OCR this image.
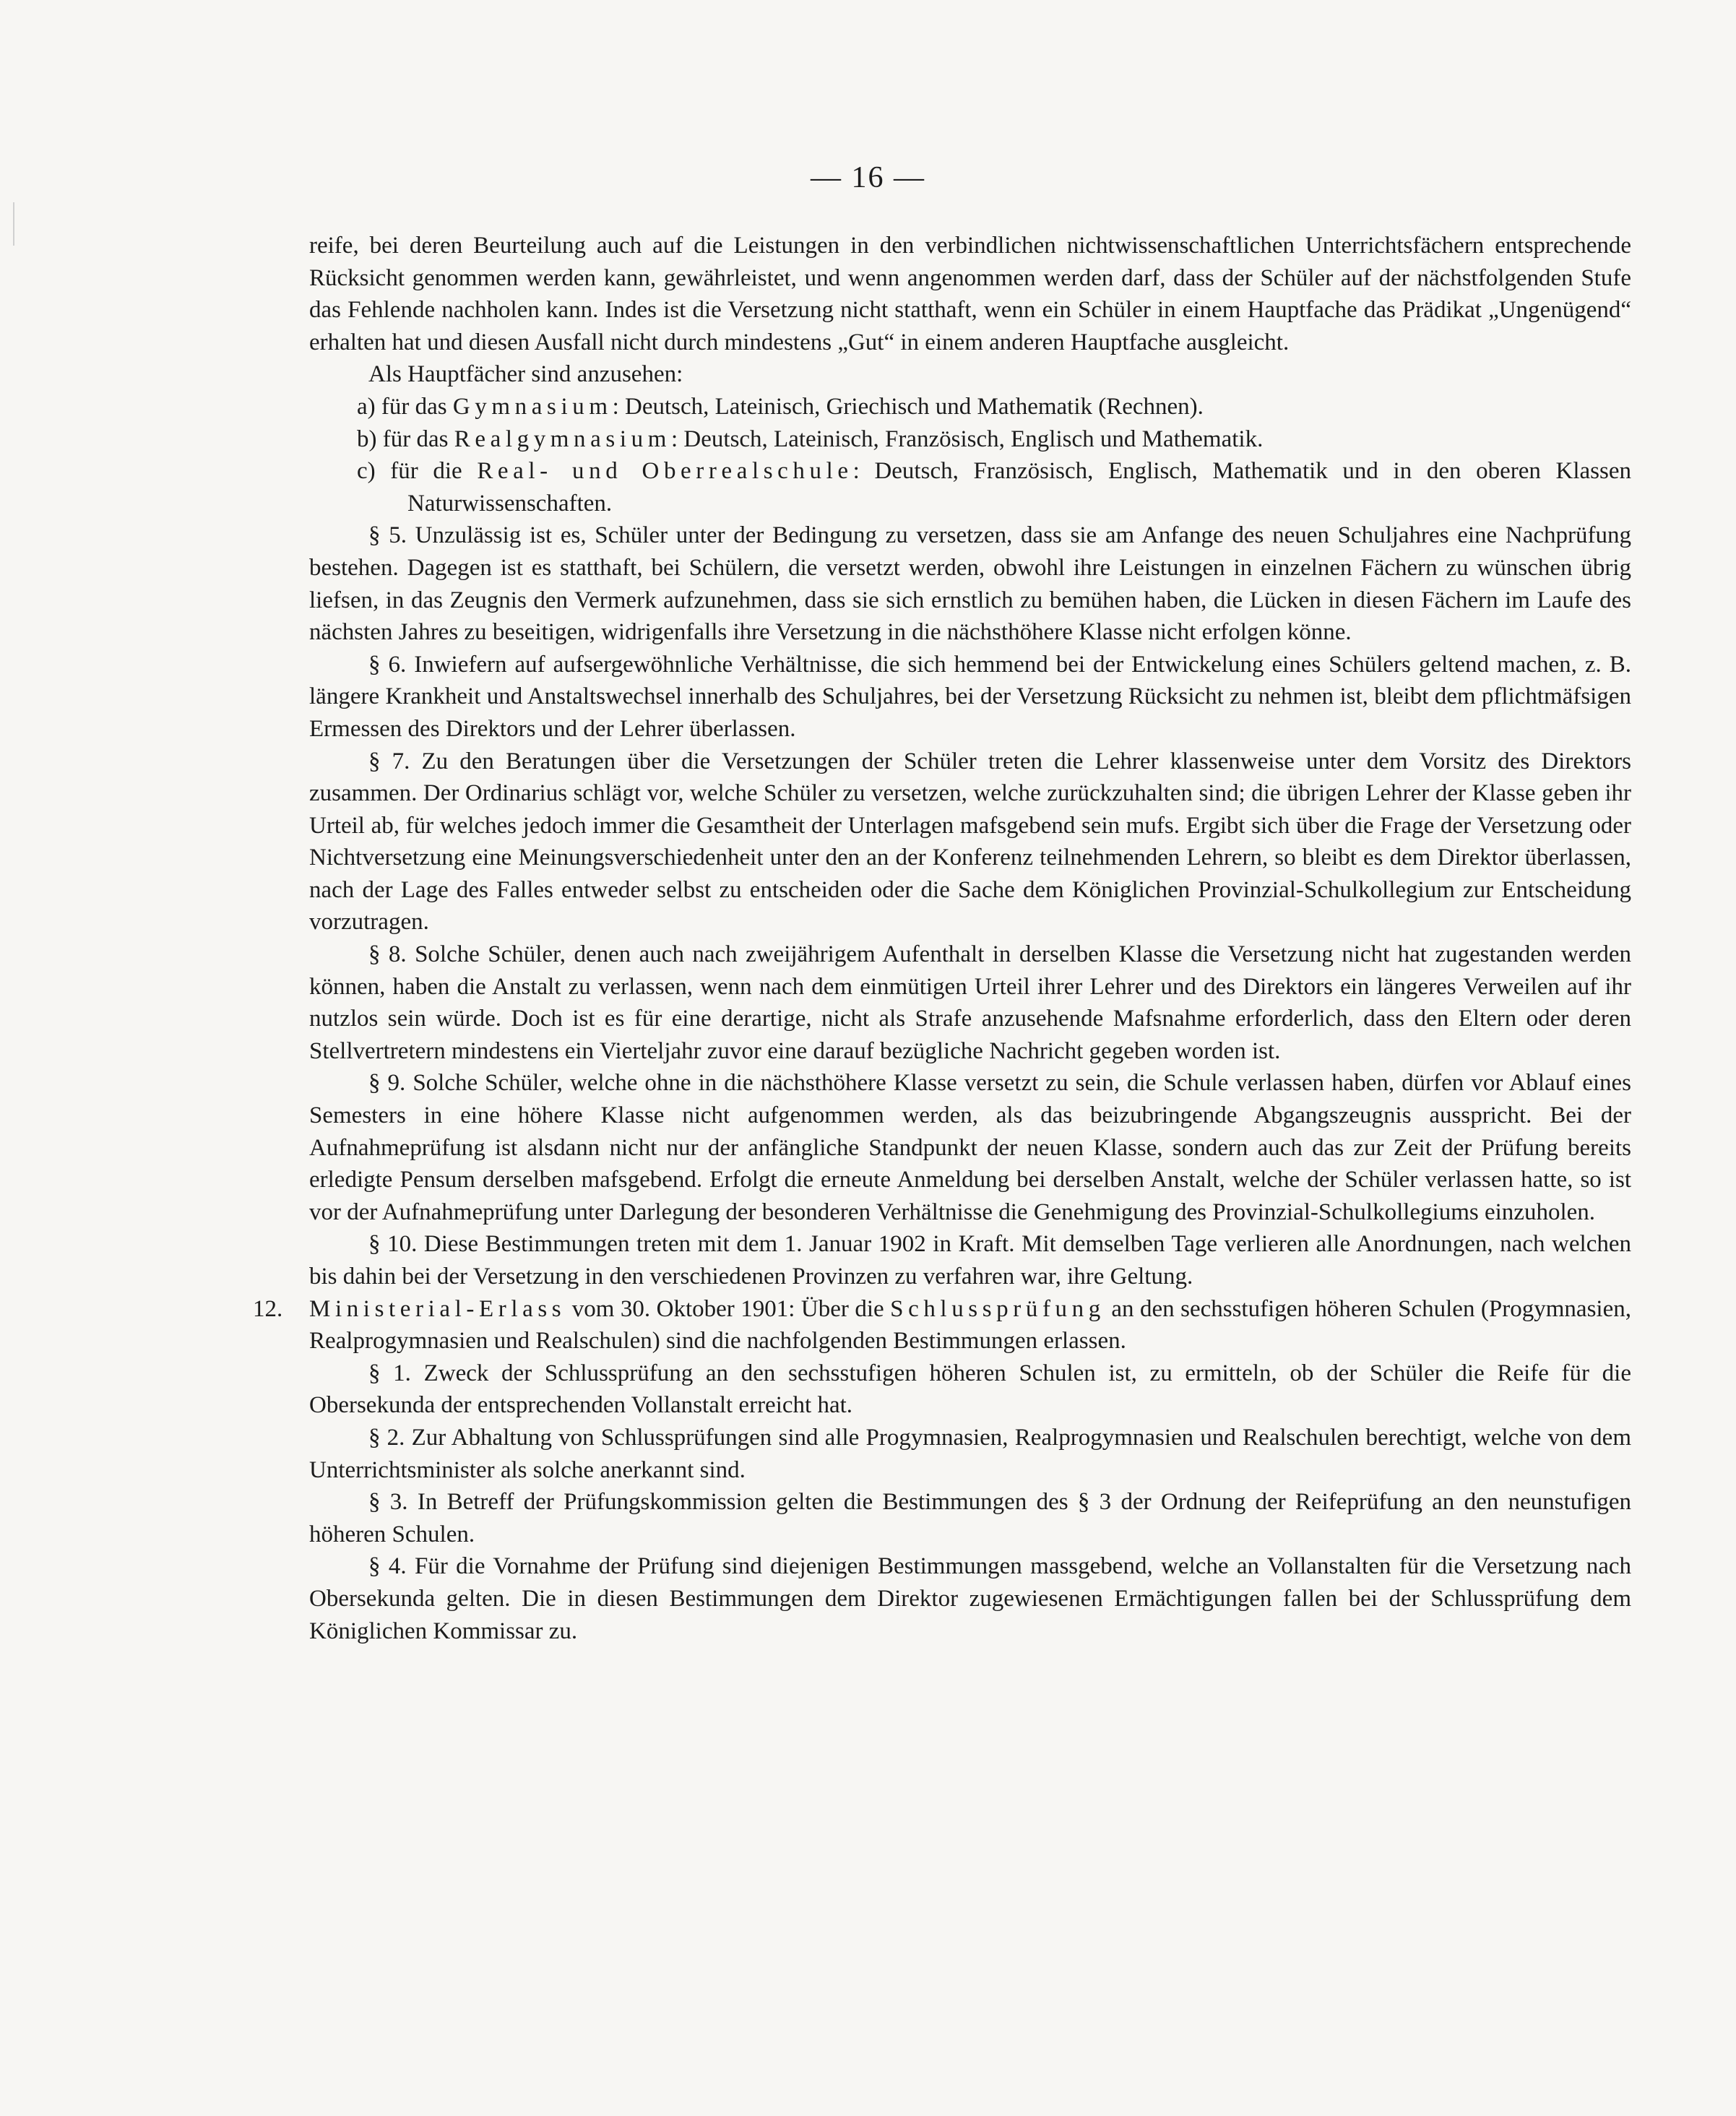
— 16 —

reife, bei deren Beurteilung auch auf die Leistungen in den verbindlichen nichtwissenschaftlichen Unterrichtsfächern entsprechende Rücksicht genommen werden kann, gewährleistet, und wenn angenommen werden darf, dass der Schüler auf der nächstfolgenden Stufe das Fehlende nachholen kann. Indes ist die Versetzung nicht statthaft, wenn ein Schüler in einem Hauptfache das Prädikat „Ungenügend“ erhalten hat und diesen Ausfall nicht durch mindestens „Gut“ in einem anderen Hauptfache ausgleicht.

Als Hauptfächer sind anzusehen:

a) für das Gymnasium: Deutsch, Lateinisch, Griechisch und Mathematik (Rechnen).

b) für das Realgymnasium: Deutsch, Lateinisch, Französisch, Englisch und Mathematik.

c) für die Real- und Oberrealschule: Deutsch, Französisch, Englisch, Mathematik und in den oberen Klassen Naturwissenschaften.

§ 5. Unzulässig ist es, Schüler unter der Bedingung zu versetzen, dass sie am Anfange des neuen Schuljahres eine Nachprüfung bestehen. Dagegen ist es statthaft, bei Schülern, die versetzt werden, obwohl ihre Leistungen in einzelnen Fächern zu wünschen übrig liefsen, in das Zeugnis den Vermerk aufzunehmen, dass sie sich ernstlich zu bemühen haben, die Lücken in diesen Fächern im Laufe des nächsten Jahres zu beseitigen, widrigenfalls ihre Versetzung in die nächsthöhere Klasse nicht erfolgen könne.

§ 6. Inwiefern auf aufsergewöhnliche Verhältnisse, die sich hemmend bei der Entwickelung eines Schülers geltend machen, z. B. längere Krankheit und Anstaltswechsel innerhalb des Schuljahres, bei der Versetzung Rücksicht zu nehmen ist, bleibt dem pflichtmäfsigen Ermessen des Direktors und der Lehrer überlassen.

§ 7. Zu den Beratungen über die Versetzungen der Schüler treten die Lehrer klassenweise unter dem Vorsitz des Direktors zusammen. Der Ordinarius schlägt vor, welche Schüler zu versetzen, welche zurückzuhalten sind; die übrigen Lehrer der Klasse geben ihr Urteil ab, für welches jedoch immer die Gesamtheit der Unterlagen mafsgebend sein mufs. Ergibt sich über die Frage der Versetzung oder Nichtversetzung eine Meinungsverschiedenheit unter den an der Konferenz teilnehmenden Lehrern, so bleibt es dem Direktor überlassen, nach der Lage des Falles entweder selbst zu entscheiden oder die Sache dem Königlichen Provinzial-Schulkollegium zur Entscheidung vorzutragen.

§ 8. Solche Schüler, denen auch nach zweijährigem Aufenthalt in derselben Klasse die Versetzung nicht hat zugestanden werden können, haben die Anstalt zu verlassen, wenn nach dem einmütigen Urteil ihrer Lehrer und des Direktors ein längeres Verweilen auf ihr nutzlos sein würde. Doch ist es für eine derartige, nicht als Strafe anzusehende Mafsnahme erforderlich, dass den Eltern oder deren Stellvertretern mindestens ein Vierteljahr zuvor eine darauf bezügliche Nachricht gegeben worden ist.

§ 9. Solche Schüler, welche ohne in die nächsthöhere Klasse versetzt zu sein, die Schule verlassen haben, dürfen vor Ablauf eines Semesters in eine höhere Klasse nicht aufgenommen werden, als das beizubringende Abgangszeugnis ausspricht. Bei der Aufnahmeprüfung ist alsdann nicht nur der anfängliche Standpunkt der neuen Klasse, sondern auch das zur Zeit der Prüfung bereits erledigte Pensum derselben mafsgebend. Erfolgt die erneute Anmeldung bei derselben Anstalt, welche der Schüler verlassen hatte, so ist vor der Aufnahmeprüfung unter Darlegung der besonderen Verhältnisse die Genehmigung des Provinzial-Schulkollegiums einzuholen.

§ 10. Diese Bestimmungen treten mit dem 1. Januar 1902 in Kraft. Mit demselben Tage verlieren alle Anordnungen, nach welchen bis dahin bei der Versetzung in den verschiedenen Provinzen zu verfahren war, ihre Geltung.

12. Ministerial-Erlass vom 30. Oktober 1901: Über die Schlussprüfung an den sechsstufigen höheren Schulen (Progymnasien, Realprogymnasien und Realschulen) sind die nachfolgenden Bestimmungen erlassen.

§ 1. Zweck der Schlussprüfung an den sechsstufigen höheren Schulen ist, zu ermitteln, ob der Schüler die Reife für die Obersekunda der entsprechenden Vollanstalt erreicht hat.

§ 2. Zur Abhaltung von Schlussprüfungen sind alle Progymnasien, Realprogymnasien und Realschulen berechtigt, welche von dem Unterrichtsminister als solche anerkannt sind.

§ 3. In Betreff der Prüfungskommission gelten die Bestimmungen des § 3 der Ordnung der Reifeprüfung an den neunstufigen höheren Schulen.

§ 4. Für die Vornahme der Prüfung sind diejenigen Bestimmungen massgebend, welche an Vollanstalten für die Versetzung nach Obersekunda gelten. Die in diesen Bestimmungen dem Direktor zugewiesenen Ermächtigungen fallen bei der Schlussprüfung dem Königlichen Kommissar zu.
